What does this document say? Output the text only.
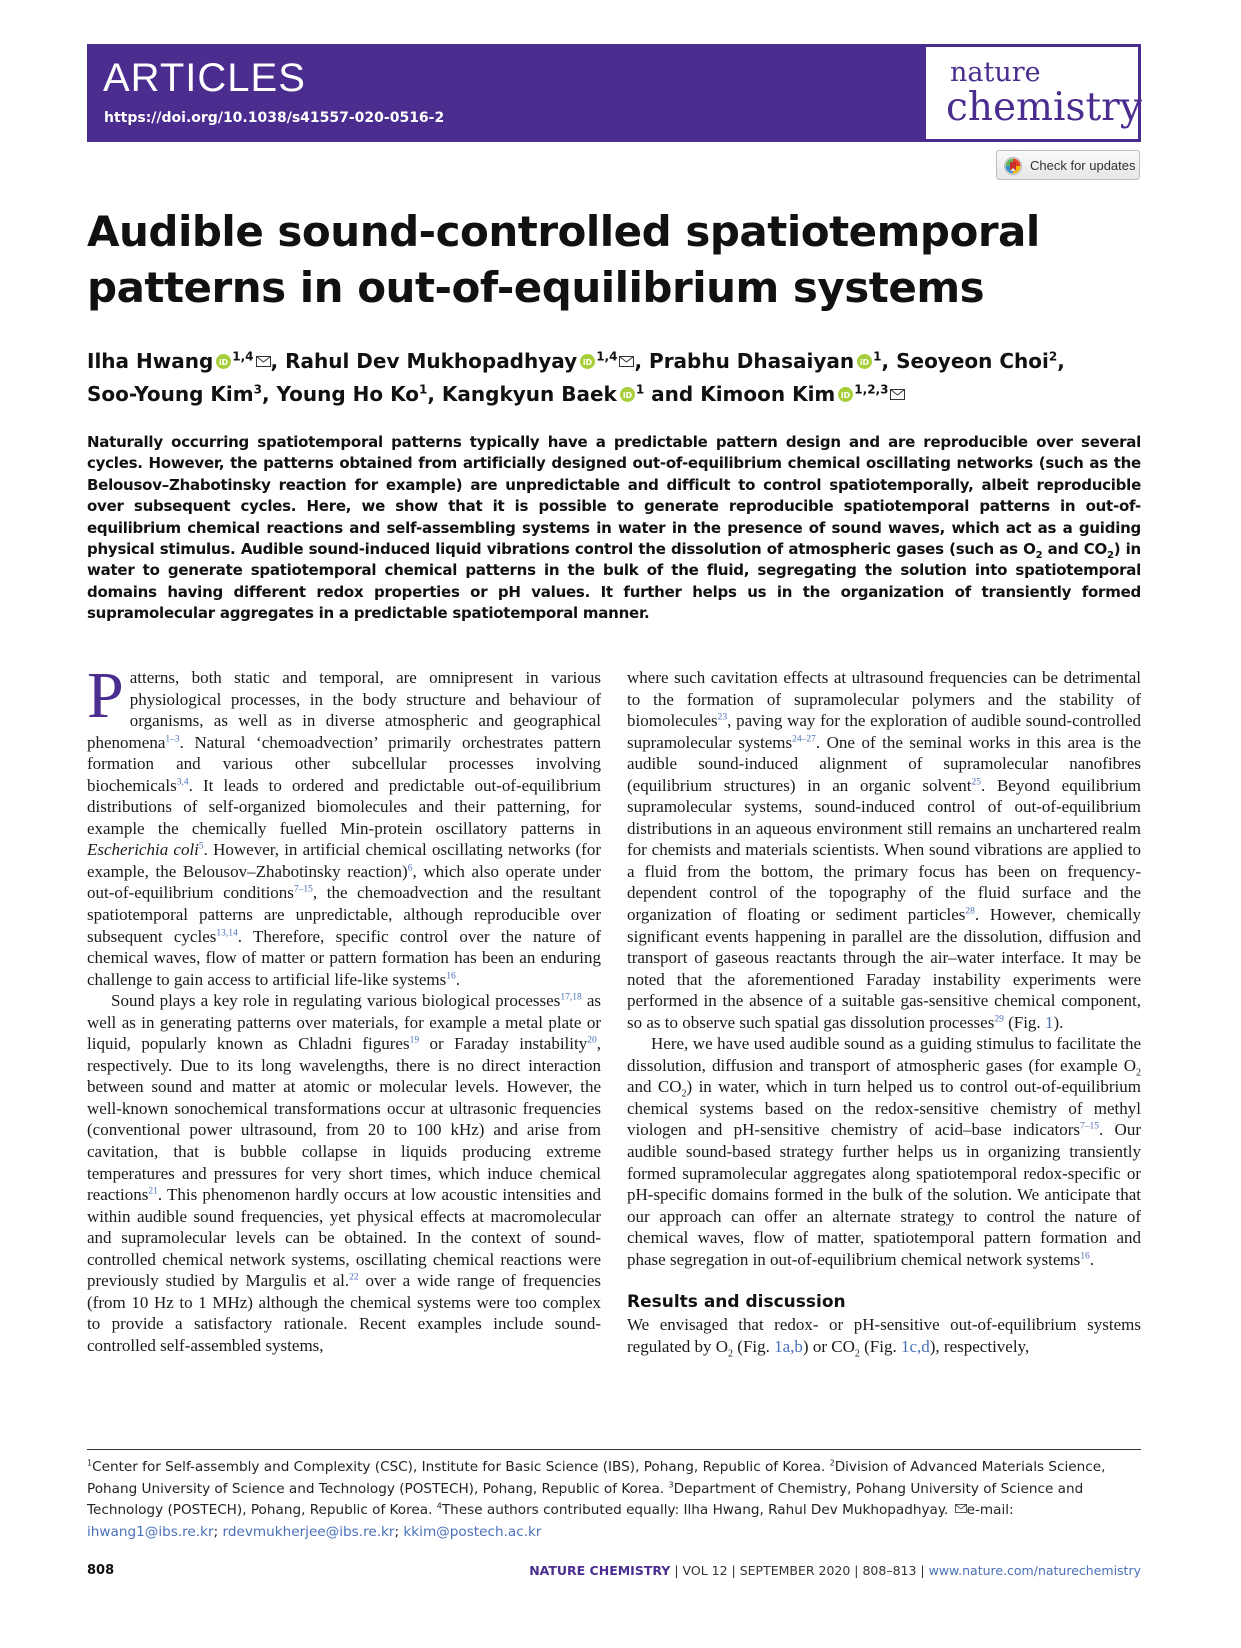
ARTICLES
https://doi.org/10.1038/s41557-020-0516-2
nature
chemistry
Check for updates
Audible sound-controlled spatiotemporal patterns in out-of-equilibrium systems
Ilha Hwang iD $^{1,4}$ , Rahul Dev Mukhopadhyay iD $^{1,4}$ , Prabhu Dhasaiyan iD $^1$, Seoyeon Choi$^2$,
Soo-Young Kim$^3$, Young Ho Ko$^1$, Kangkyun Baek iD $^1$ and Kimoon Kim iD $^{1,2,3}$
Naturally occurring spatiotemporal patterns typically have a predictable pattern design and are reproducible over several cycles. However, the patterns obtained from artificially designed out-of-equilibrium chemical oscillating networks (such as the Belousov–Zhabotinsky reaction for example) are unpredictable and difficult to control spatiotemporally, albeit reproducible over subsequent cycles. Here, we show that it is possible to generate reproducible spatiotemporal patterns in out-of-equilibrium chemical reactions and self-assembling systems in water in the presence of sound waves, which act as a guiding physical stimulus. Audible sound-induced liquid vibrations control the dissolution of atmospheric gases (such as $O_2$ and $CO_2$) in water to generate spatiotemporal chemical patterns in the bulk of the fluid, segregating the solution into spatiotemporal domains having different redox properties or pH values. It further helps us in the organization of transiently formed supramolecular aggregates in a predictable spatiotemporal manner.

Patterns, both static and temporal, are omnipresent in various physiological processes, in the body structure and behaviour of organisms, as well as in diverse atmospheric and geographical phenomena$^{1-3}$. Natural ‘chemoadvection’ primarily orchestrates pattern formation and various other subcellular processes involving biochemicals$^{3,4}$. It leads to ordered and predictable out-of-equilibrium distributions of self-organized biomolecules and their patterning, for example the chemically fuelled Min-protein oscillatory patterns in Escherichia coli$^5$. However, in artificial chemical oscillating networks (for example, the Belousov–Zhabotinsky reaction)$^6$, which also operate under out-of-equilibrium conditions$^{7-15}$, the chemoadvection and the resultant spatiotemporal patterns are unpredictable, although reproducible over subsequent cycles$^{13,14}$. Therefore, specific control over the nature of chemical waves, flow of matter or pattern formation has been an enduring challenge to gain access to artificial life-like systems$^{16}$.

Sound plays a key role in regulating various biological processes$^{17,18}$ as well as in generating patterns over materials, for example a metal plate or liquid, popularly known as Chladni figures$^{19}$ or Faraday instability$^{20}$, respectively. Due to its long wavelengths, there is no direct interaction between sound and matter at atomic or molecular levels. However, the well-known sonochemical transformations occur at ultrasonic frequencies (conventional power ultrasound, from 20 to 100 kHz) and arise from cavitation, that is bubble collapse in liquids producing extreme temperatures and pressures for very short times, which induce chemical reactions$^{21}$. This phenomenon hardly occurs at low acoustic intensities and within audible sound frequencies, yet physical effects at macromolecular and supramolecular levels can be obtained. In the context of sound-controlled chemical network systems, oscillating chemical reactions were previously studied by Margulis et al.$^{22}$ over a wide range of frequencies (from 10 Hz to 1 MHz) although the chemical systems were too complex to provide a satisfactory rationale. Recent examples include sound-controlled self-assembled systems,

where such cavitation effects at ultrasound frequencies can be detrimental to the formation of supramolecular polymers and the stability of biomolecules$^{23}$, paving way for the exploration of audible sound-controlled supramolecular systems$^{24-27}$. One of the seminal works in this area is the audible sound-induced alignment of supramolecular nanofibres (equilibrium structures) in an organic solvent$^{25}$. Beyond equilibrium supramolecular systems, sound-induced control of out-of-equilibrium distributions in an aqueous environment still remains an unchartered realm for chemists and materials scientists. When sound vibrations are applied to a fluid from the bottom, the primary focus has been on frequency-dependent control of the topography of the fluid surface and the organization of floating or sediment particles$^{28}$. However, chemically significant events happening in parallel are the dissolution, diffusion and transport of gaseous reactants through the air–water interface. It may be noted that the aforementioned Faraday instability experiments were performed in the absence of a suitable gas-sensitive chemical component, so as to observe such spatial gas dissolution processes$^{29}$ (Fig. 1).

Here, we have used audible sound as a guiding stimulus to facilitate the dissolution, diffusion and transport of atmospheric gases (for example $O_2$ and $CO_2$) in water, which in turn helped us to control out-of-equilibrium chemical systems based on the redox-sensitive chemistry of methyl viologen and pH-sensitive chemistry of acid–base indicators$^{7-15}$. Our audible sound-based strategy further helps us in organizing transiently formed supramolecular aggregates along spatiotemporal redox-specific or pH-specific domains formed in the bulk of the solution. We anticipate that our approach can offer an alternate strategy to control the nature of chemical waves, flow of matter, spatiotemporal pattern formation and phase segregation in out-of-equilibrium chemical network systems$^{16}$.

Results and discussion

We envisaged that redox- or pH-sensitive out-of-equilibrium systems regulated by $O_2$ (Fig. 1a,b) or $CO_2$ (Fig. 1c,d), respectively,

$^1$Center for Self-assembly and Complexity (CSC), Institute for Basic Science (IBS), Pohang, Republic of Korea. $^2$Division of Advanced Materials Science, Pohang University of Science and Technology (POSTECH), Pohang, Republic of Korea. $^3$Department of Chemistry, Pohang University of Science and Technology (POSTECH), Pohang, Republic of Korea. $^4$These authors contributed equally: Ilha Hwang, Rahul Dev Mukhopadhyay. e-mail: ihwang1@ibs.re.kr; rdevmukherjee@ibs.re.kr; kkim@postech.ac.kr
808	NATURE CHEMISTRY | VOL 12 | SEPTEMBER 2020 | 808–813 | www.nature.com/naturechemistry
